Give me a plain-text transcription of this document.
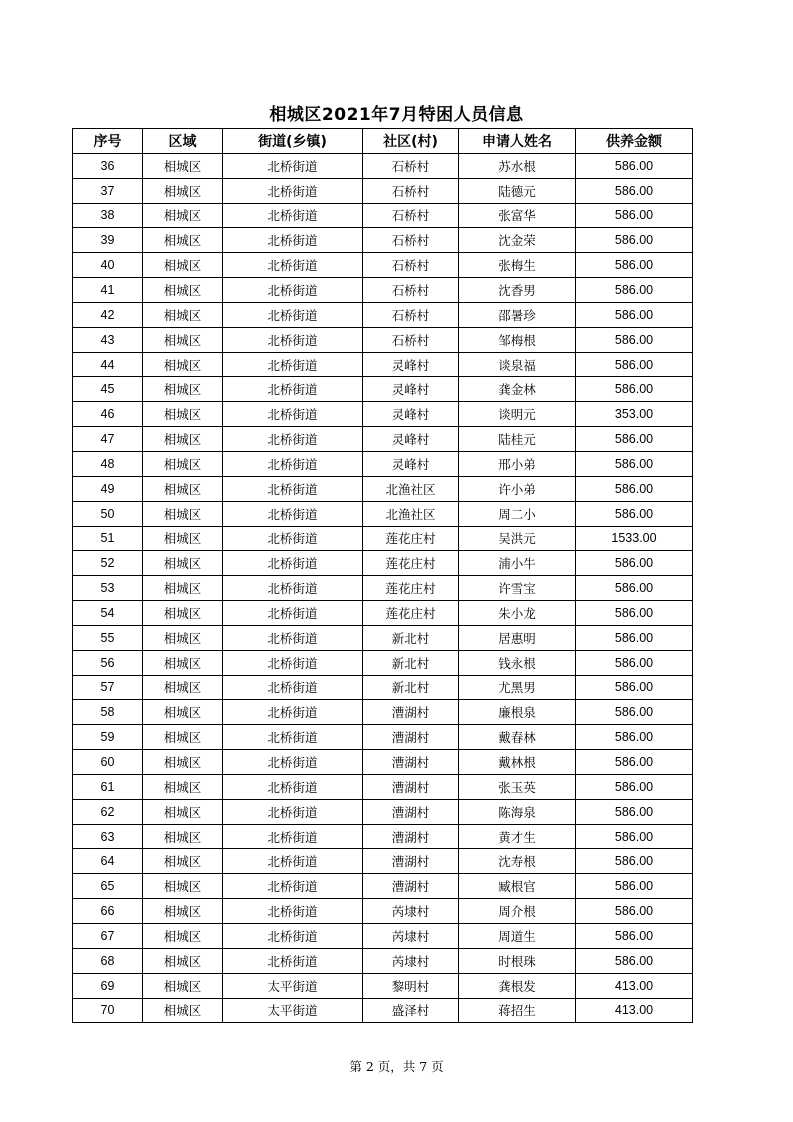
相城区2021年7月特困人员信息
序号	区域	街道(乡镇)	社区(村)	申请人姓名	供养金额
36	相城区	北桥街道	石桥村	苏水根	586.00
37	相城区	北桥街道	石桥村	陆德元	586.00
38	相城区	北桥街道	石桥村	张富华	586.00
39	相城区	北桥街道	石桥村	沈金荣	586.00
40	相城区	北桥街道	石桥村	张梅生	586.00
41	相城区	北桥街道	石桥村	沈香男	586.00
42	相城区	北桥街道	石桥村	邵暑珍	586.00
43	相城区	北桥街道	石桥村	邹梅根	586.00
44	相城区	北桥街道	灵峰村	谈泉福	586.00
45	相城区	北桥街道	灵峰村	龚金林	586.00
46	相城区	北桥街道	灵峰村	谈明元	353.00
47	相城区	北桥街道	灵峰村	陆桂元	586.00
48	相城区	北桥街道	灵峰村	邢小弟	586.00
49	相城区	北桥街道	北渔社区	许小弟	586.00
50	相城区	北桥街道	北渔社区	周二小	586.00
51	相城区	北桥街道	莲花庄村	吴洪元	1533.00
52	相城区	北桥街道	莲花庄村	浦小牛	586.00
53	相城区	北桥街道	莲花庄村	许雪宝	586.00
54	相城区	北桥街道	莲花庄村	朱小龙	586.00
55	相城区	北桥街道	新北村	居惠明	586.00
56	相城区	北桥街道	新北村	钱永根	586.00
57	相城区	北桥街道	新北村	尤黑男	586.00
58	相城区	北桥街道	漕湖村	廉根泉	586.00
59	相城区	北桥街道	漕湖村	戴春林	586.00
60	相城区	北桥街道	漕湖村	戴林根	586.00
61	相城区	北桥街道	漕湖村	张玉英	586.00
62	相城区	北桥街道	漕湖村	陈海泉	586.00
63	相城区	北桥街道	漕湖村	黄才生	586.00
64	相城区	北桥街道	漕湖村	沈寿根	586.00
65	相城区	北桥街道	漕湖村	臧根官	586.00
66	相城区	北桥街道	芮埭村	周介根	586.00
67	相城区	北桥街道	芮埭村	周道生	586.00
68	相城区	北桥街道	芮埭村	时根珠	586.00
69	相城区	太平街道	黎明村	龚根发	413.00
70	相城区	太平街道	盛泽村	蒋招生	413.00
第 2 页，共 7 页
